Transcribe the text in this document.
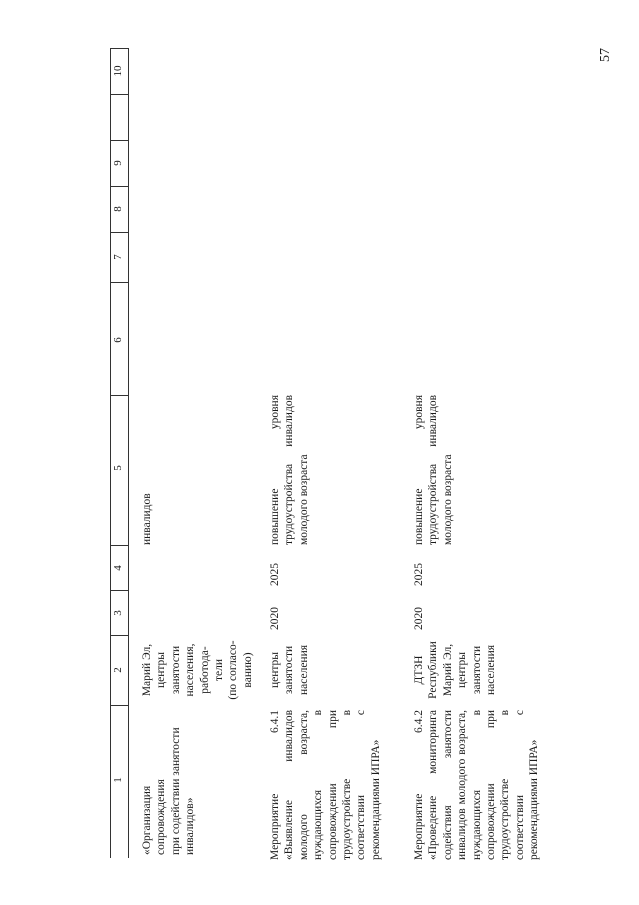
57
1
2
3
4
5
6
7
8
9
10
«Организация
сопровождения
при содействии занятости
инвалидов»
Марий Эл,
центры
занятости
населения,
работода-
тели
(по согласо-
ванию)
инвалидов
Мероприятие 6.4.1 «Выявление инвалидов молодого возраста, нуждающихся в сопровождении при трудоустройстве в соответствии с рекомендациями ИПРА»
центры
занятости
населения
2020
2025
повышение уровня трудоустройства инвалидов молодого возраста
Мероприятие 6.4.2 «Проведение мониторинга содействия занятости инвалидов молодого возраста, нуждающихся в сопровождении при трудоустройстве в соответствии с рекомендациями ИПРА»
ДТЗН
Республики
Марий Эл,
центры
занятости
населения
2020
2025
повышение уровня трудоустройства инвалидов молодого возраста
